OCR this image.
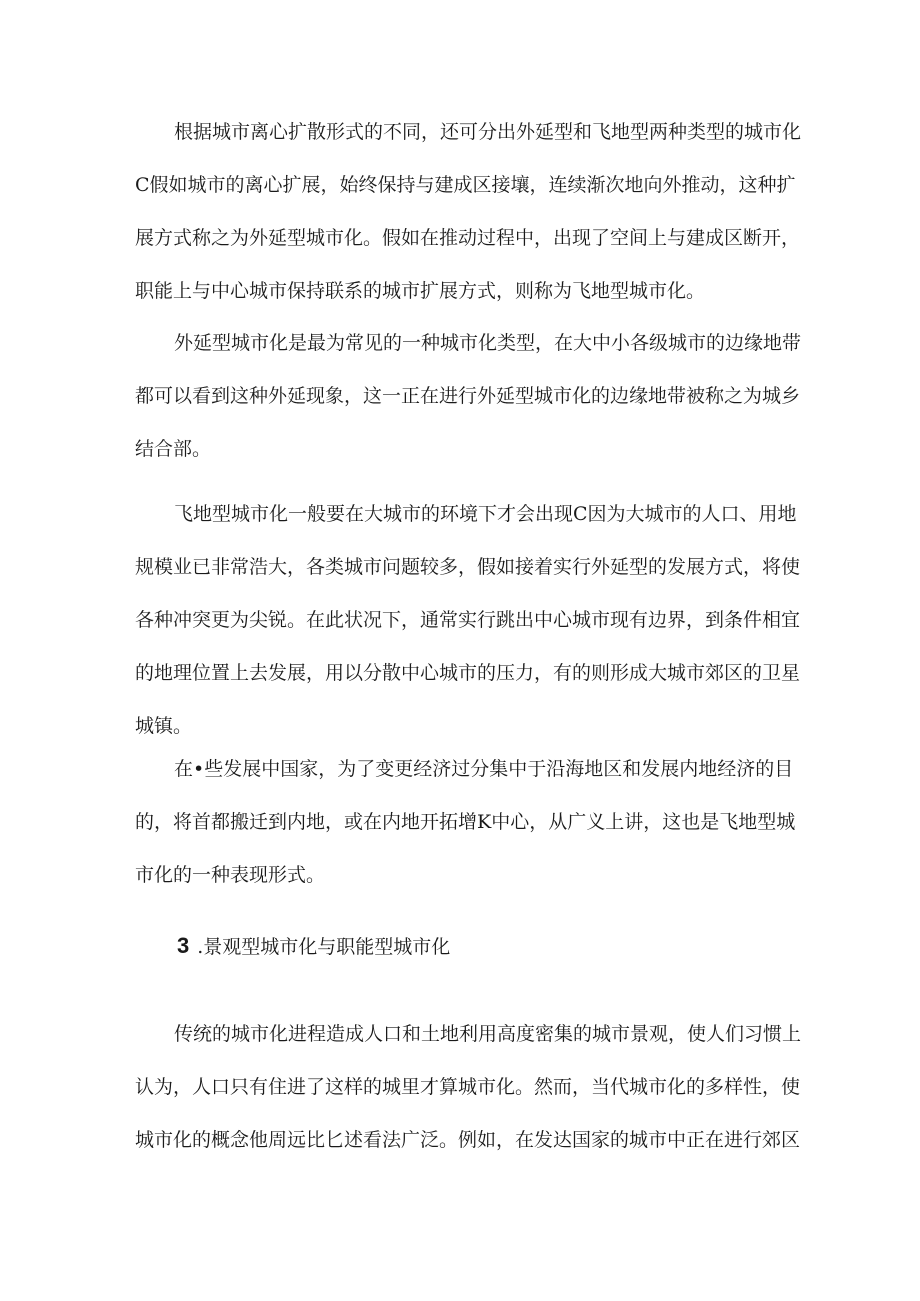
根据城市离心扩散形式的不同，还可分出外延型和飞地型两种类型的城市化
C假如城市的离心扩展，始终保持与建成区接壤，连续渐次地向外推动，这种扩
展方式称之为外延型城市化。假如在推动过程中，出现了空间上与建成区断开，
职能上与中心城市保持联系的城市扩展方式，则称为飞地型城市化。
外延型城市化是最为常见的一种城市化类型，在大中小各级城市的边缘地带
都可以看到这种外延现象，这一正在进行外延型城市化的边缘地带被称之为城乡
结合部。
飞地型城市化一般要在大城市的环境下才会出现C因为大城市的人口、用地
规模业已非常浩大，各类城市问题较多，假如接着实行外延型的发展方式，将使
各种冲突更为尖锐。在此状况下，通常实行跳出中心城市现有边界，到条件相宜
的地理位置上去发展，用以分散中心城市的压力，有的则形成大城市郊区的卫星
城镇。
在•些发展中国家，为了变更经济过分集中于沿海地区和发展内地经济的目
的，将首都搬迁到内地，或在内地开拓增K中心，从广义上讲，这也是飞地型城
市化的一种表现形式。
3 .景观型城市化与职能型城市化
传统的城市化进程造成人口和土地利用高度密集的城市景观，使人们习惯上
认为，人口只有住进了这样的城里才算城市化。然而，当代城市化的多样性，使
城市化的概念他周远比匕述看法广泛。例如，在发达国家的城市中正在进行郊区
